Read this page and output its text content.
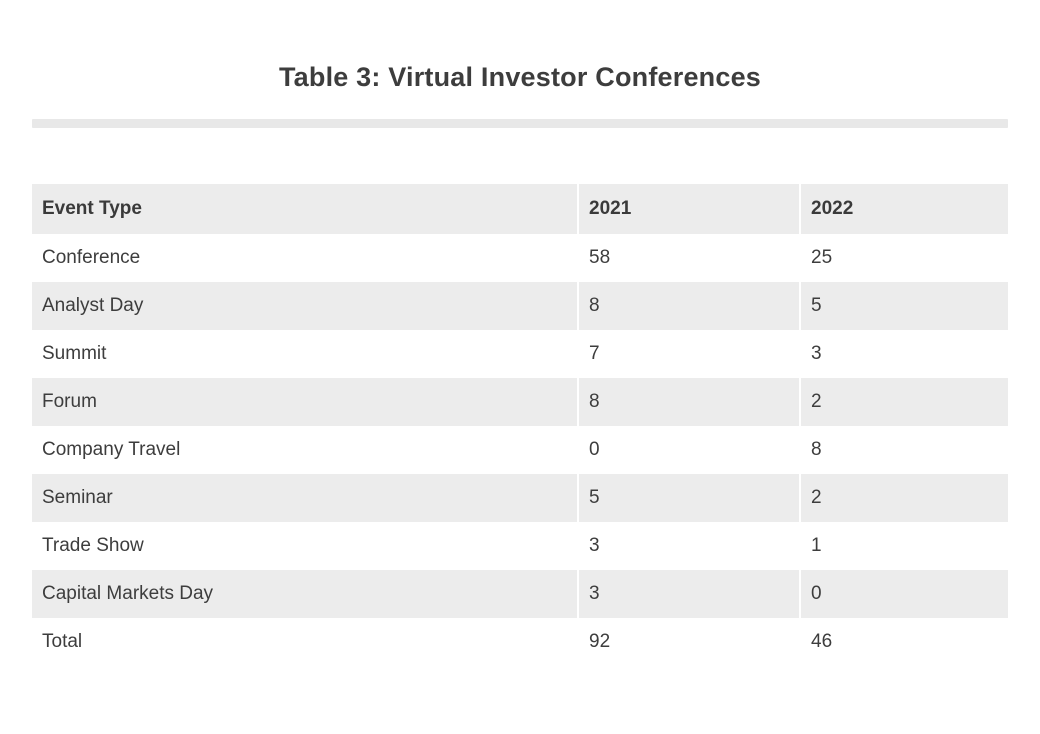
Table 3: Virtual Investor Conferences
Event Type	2021	2022
Conference	58	25
Analyst Day	8	5
Summit	7	3
Forum	8	2
Company Travel	0	8
Seminar	5	2
Trade Show	3	1
Capital Markets Day	3	0
Total	92	46
